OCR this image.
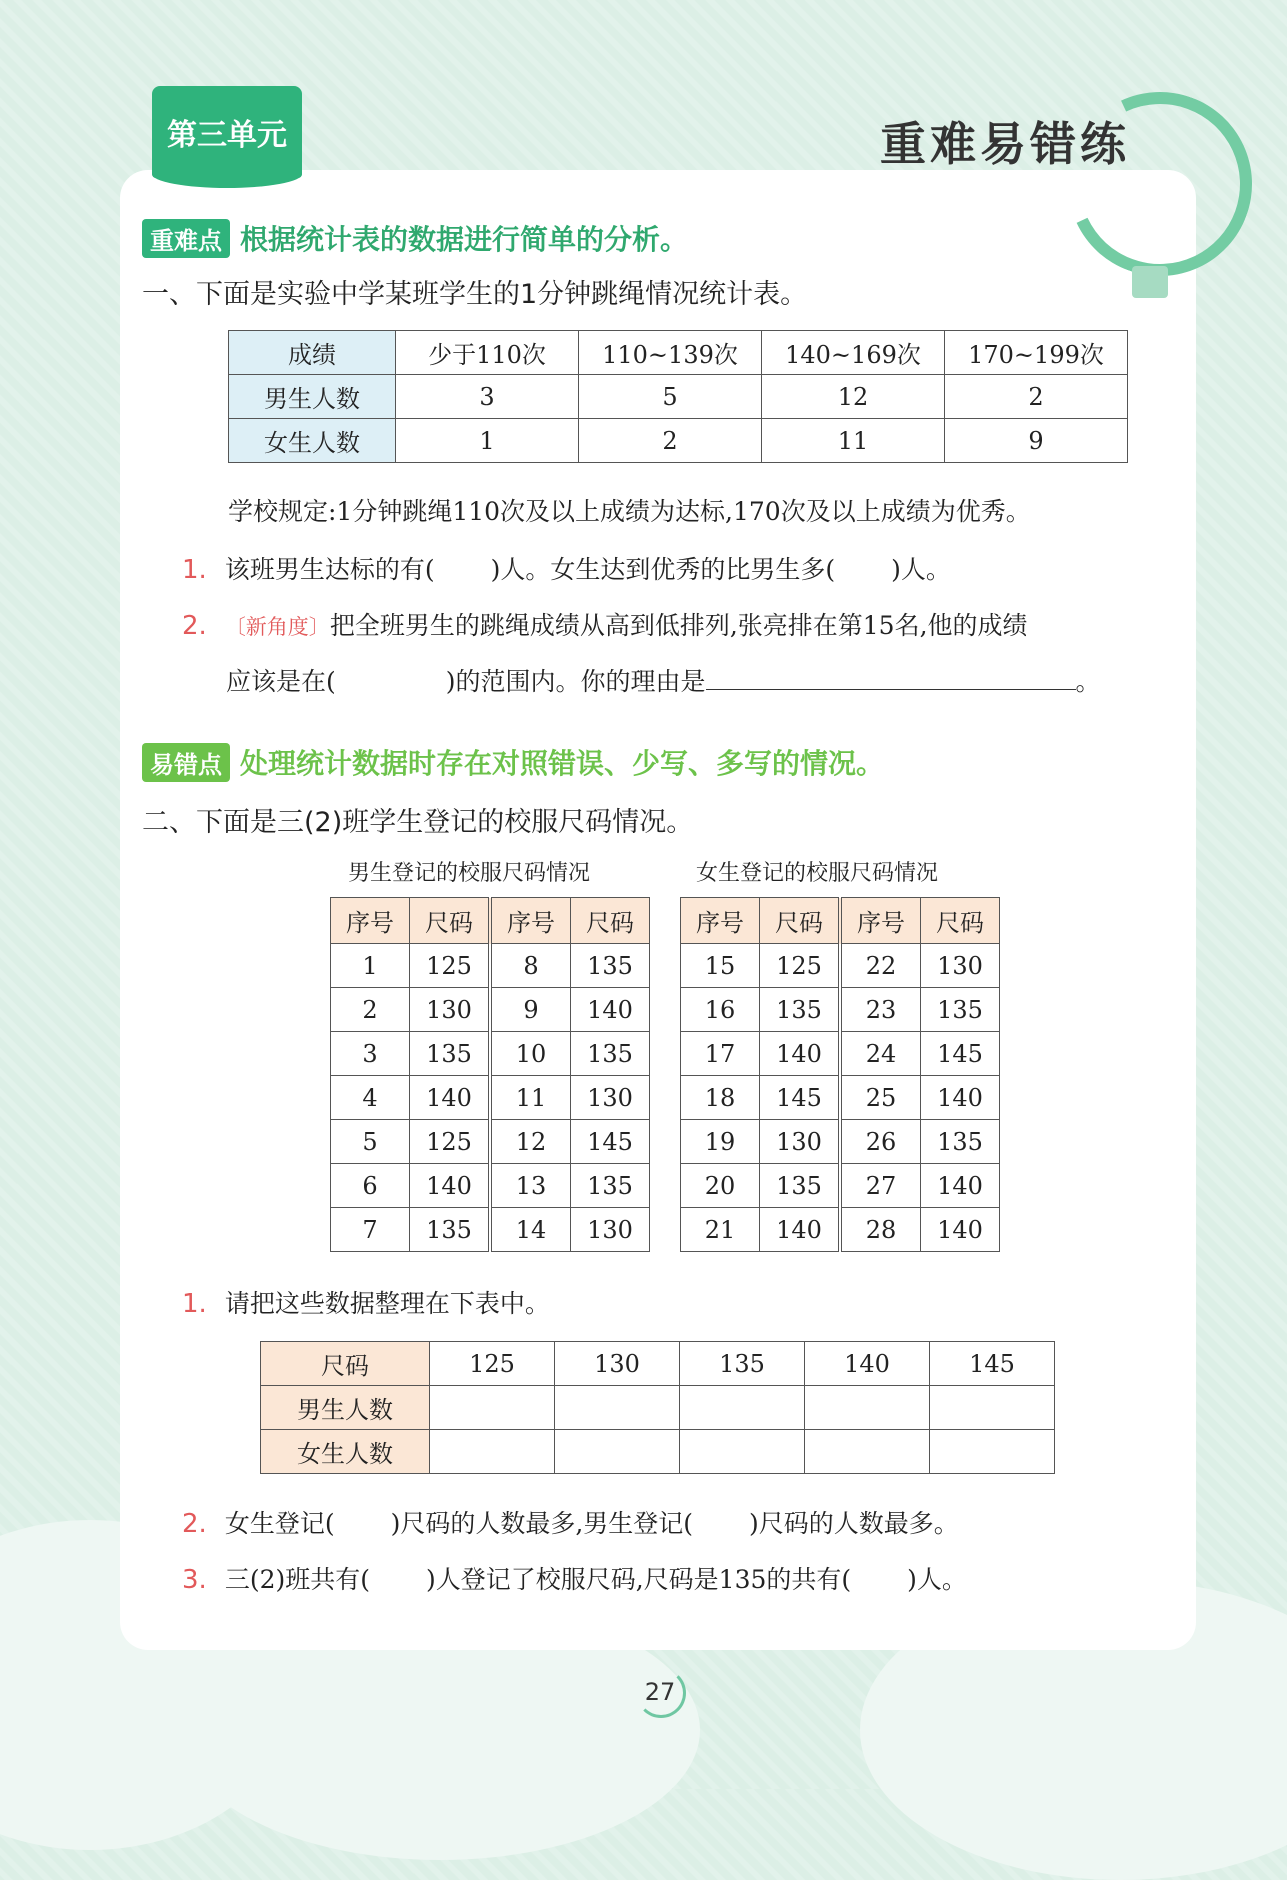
第三单元	重难易错练
重难点 根据统计表的数据进行简单的分析。
一、下面是实验中学某班学生的1分钟跳绳情况统计表。
成绩	少于110次	110~139次	140~169次	170~199次
男生人数	3	5	12	2
女生人数	1	2	11	9
学校规定:1分钟跳绳110次及以上成绩为达标,170次及以上成绩为优秀。
1. 该班男生达标的有( )人。女生达到优秀的比男生多( )人。
2. 〔新角度〕把全班男生的跳绳成绩从高到低排列,张亮排在第15名,他的成绩
应该是在(	)的范围内。你的理由是	。
易错点 处理统计数据时存在对照错误、少写、多写的情况。
二、下面是三(2)班学生登记的校服尺码情况。
男生登记的校服尺码情况	女生登记的校服尺码情况
序号	尺码	序号	尺码
1	125	8	135
2	130	9	140
3	135	10	135
4	140	11	130
5	125	12	145
6	140	13	135
7	135	14	130
序号	尺码	序号	尺码
15	125	22	130
16	135	23	135
17	140	24	145
18	145	25	140
19	130	26	135
20	135	27	140
21	140	28	140
1. 请把这些数据整理在下表中。
尺码	125	130	135	140	145
男生人数					
女生人数					
2. 女生登记( )尺码的人数最多,男生登记( )尺码的人数最多。
3. 三(2)班共有( )人登记了校服尺码,尺码是135的共有( )人。
27
